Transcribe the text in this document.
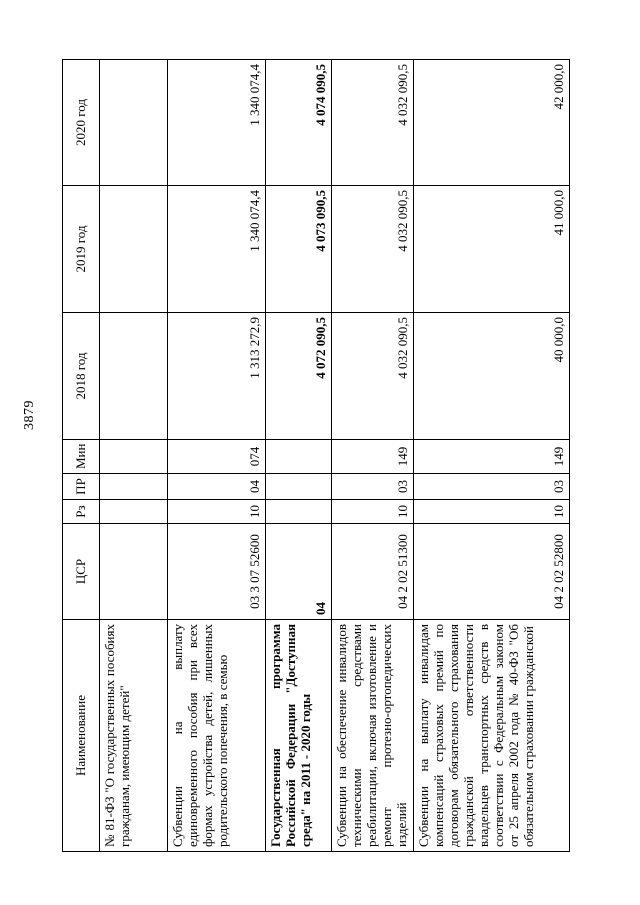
3879
Наименование	ЦСР	Рз	ПР	Мин	2018 год	2019 год	2020 год
№ 81-ФЗ "О государственных пособиях гражданам, имеющим детей"							
Субвенции на выплату единовременного пособия при всех формах устройства детей, лишенных родительского попечения, в семью	03 3 07 52600	10	04	074	1 313 272,9	1 340 074,4	1 340 074,4
Государственная программа Российской Федерации "Доступная среда" на 2011 - 2020 годы	04				4 072 090,5	4 073 090,5	4 074 090,5
Субвенции на обеспечение инвалидов техническими средствами реабилитации, включая изготовление и ремонт протезно-ортопедических изделий	04 2 02 51300	10	03	149	4 032 090,5	4 032 090,5	4 032 090,5
Субвенции на выплату инвалидам компенсаций страховых премий по договорам обязательного страхования гражданской ответственности владельцев транспортных средств в соответствии с Федеральным законом от 25 апреля 2002 года № 40-ФЗ "Об обязательном страховании гражданской	04 2 02 52800	10	03	149	40 000,0	41 000,0	42 000,0
